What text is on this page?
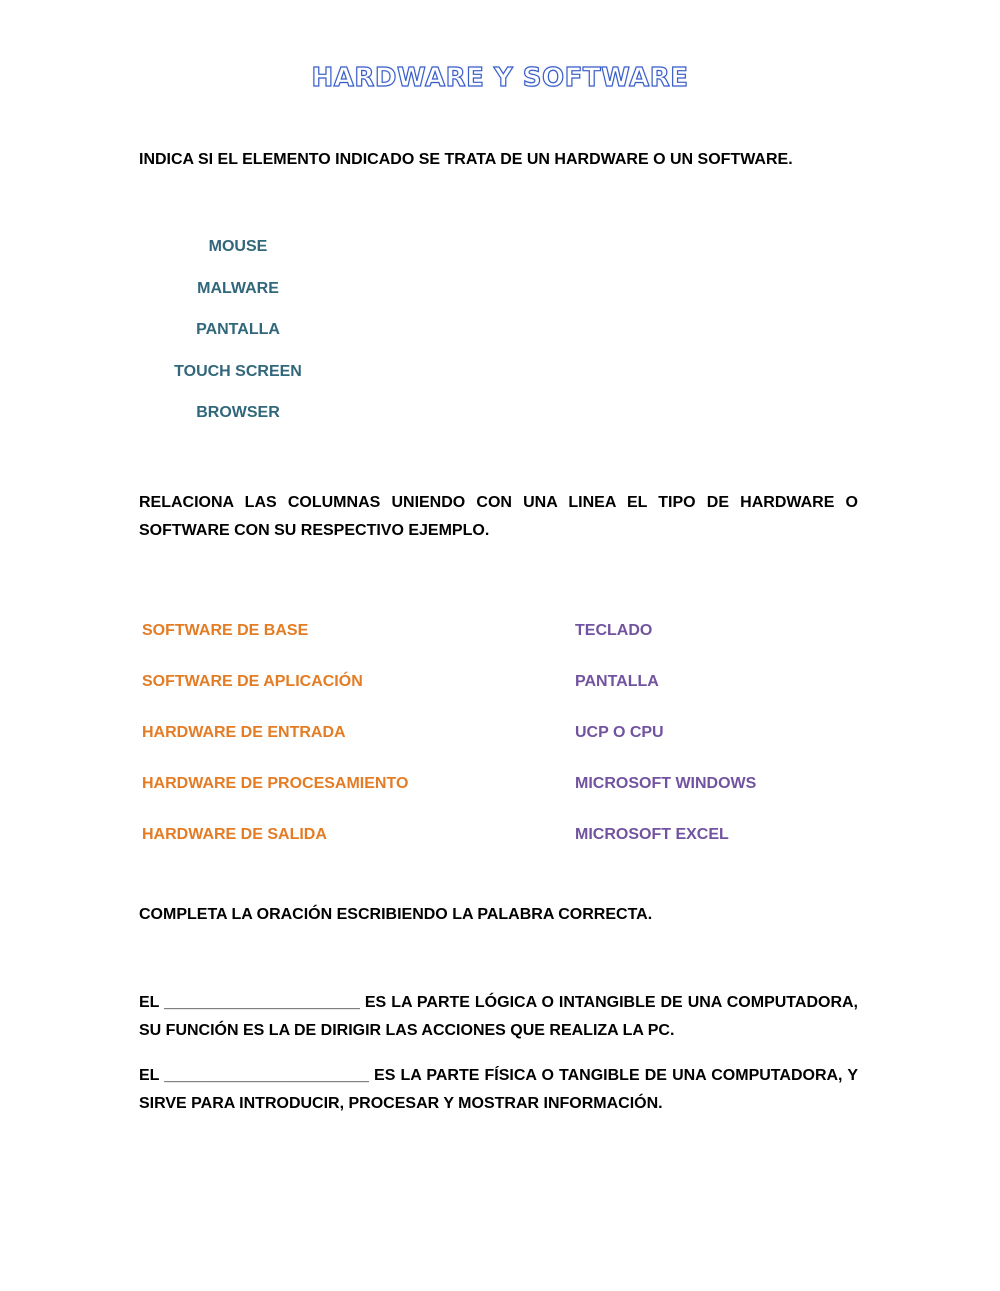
HARDWARE Y SOFTWARE
INDICA SI EL ELEMENTO INDICADO SE TRATA DE UN HARDWARE O UN SOFTWARE.
MOUSE
MALWARE
PANTALLA
TOUCH SCREEN
BROWSER
RELACIONA LAS COLUMNAS UNIENDO CON UNA LINEA EL TIPO DE HARDWARE O SOFTWARE CON SU RESPECTIVO EJEMPLO.
SOFTWARE DE BASE
SOFTWARE DE APLICACIÓN
HARDWARE DE ENTRADA
HARDWARE DE PROCESAMIENTO
HARDWARE DE SALIDA
TECLADO
PANTALLA
UCP O CPU
MICROSOFT WINDOWS
MICROSOFT EXCEL
COMPLETA LA ORACIÓN ESCRIBIENDO LA PALABRA CORRECTA.
EL ______________________ ES LA PARTE LÓGICA O INTANGIBLE DE UNA COMPUTADORA, SU FUNCIÓN ES LA DE DIRIGIR LAS ACCIONES QUE REALIZA LA PC.
EL _______________________ ES LA PARTE FÍSICA O TANGIBLE DE UNA COMPUTADORA, Y SIRVE PARA INTRODUCIR, PROCESAR Y MOSTRAR INFORMACIÓN.
